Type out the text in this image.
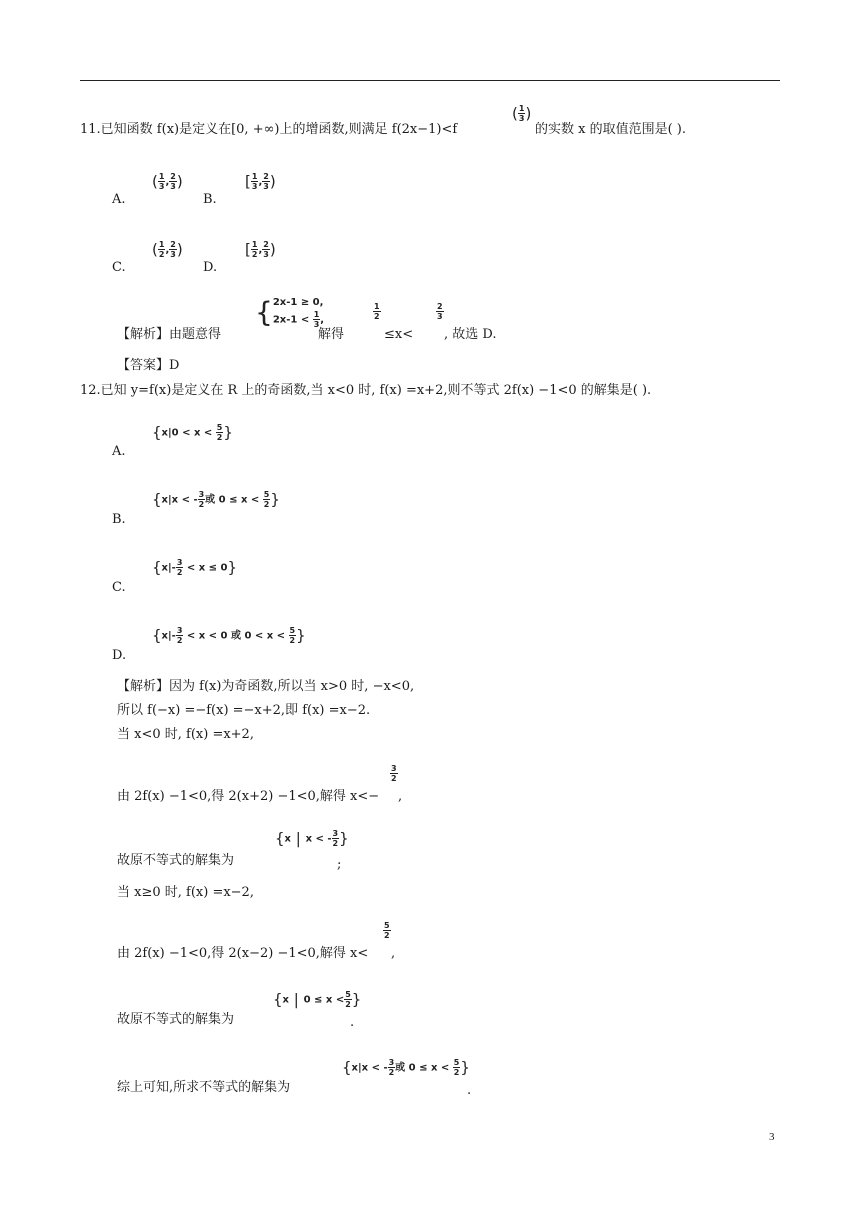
11.已知函数 f(x)是定义在[0, +∞)上的增函数,则满足 f(2x−1)<f
( $\frac{1}{3}$ )
的实数 x 的取值范围是( ).
A.
( $\frac{1}{3}$ , $\frac{2}{3}$ )
B.
[ $\frac{1}{3}$ , $\frac{2}{3}$ )
C.
( $\frac{1}{2}$ , $\frac{2}{3}$ )
D.
[ $\frac{1}{2}$ , $\frac{2}{3}$ )
【解析】由题意得
{ 2x-1 ≥ 0,
$2x-1 < \frac{1}{3}$ ,
解得
$\frac{1}{2}$
≤x<
$\frac{2}{3}$
, 故选 D.
【答案】D
12.已知 y=f(x)是定义在 R 上的奇函数,当 x<0 时, f(x) =x+2,则不等式 2f(x) −1<0 的解集是( ).
A.
{$x|0 < x < \frac{5}{2}$ }
B.
{x|x < - $\frac{3}{2}$ 或 $0 \le x < \frac{5}{2}$ }
C.
$\{x|- \frac{3}{2} < x \le 0\}$
D.
{$x|- \frac{3}{2} < x < 0$ 或 $0 < x < \frac{5}{2}$ }
【解析】因为 f(x)为奇函数,所以当 x>0 时, −x<0,
所以 f(−x) =−f(x) =−x+2,即 f(x) =x−2.
当 x<0 时, f(x) =x+2,
由 2f(x) −1<0,得 2(x+2) −1<0,解得 x<−
$\frac{3}{2}$
,
故原不等式的解集为
{x | x < - $\frac{3}{2}$ }
;
当 x≥0 时, f(x) =x−2,
由 2f(x) −1<0,得 2(x−2) −1<0,解得 x<
$\frac{5}{2}$
,
故原不等式的解集为
{x | $0 \le x < \frac{5}{2}$ }
.
综上可知,所求不等式的解集为
{x|x < - $\frac{3}{2}$ 或 $0 \le x < \frac{5}{2}$ }
.
3
